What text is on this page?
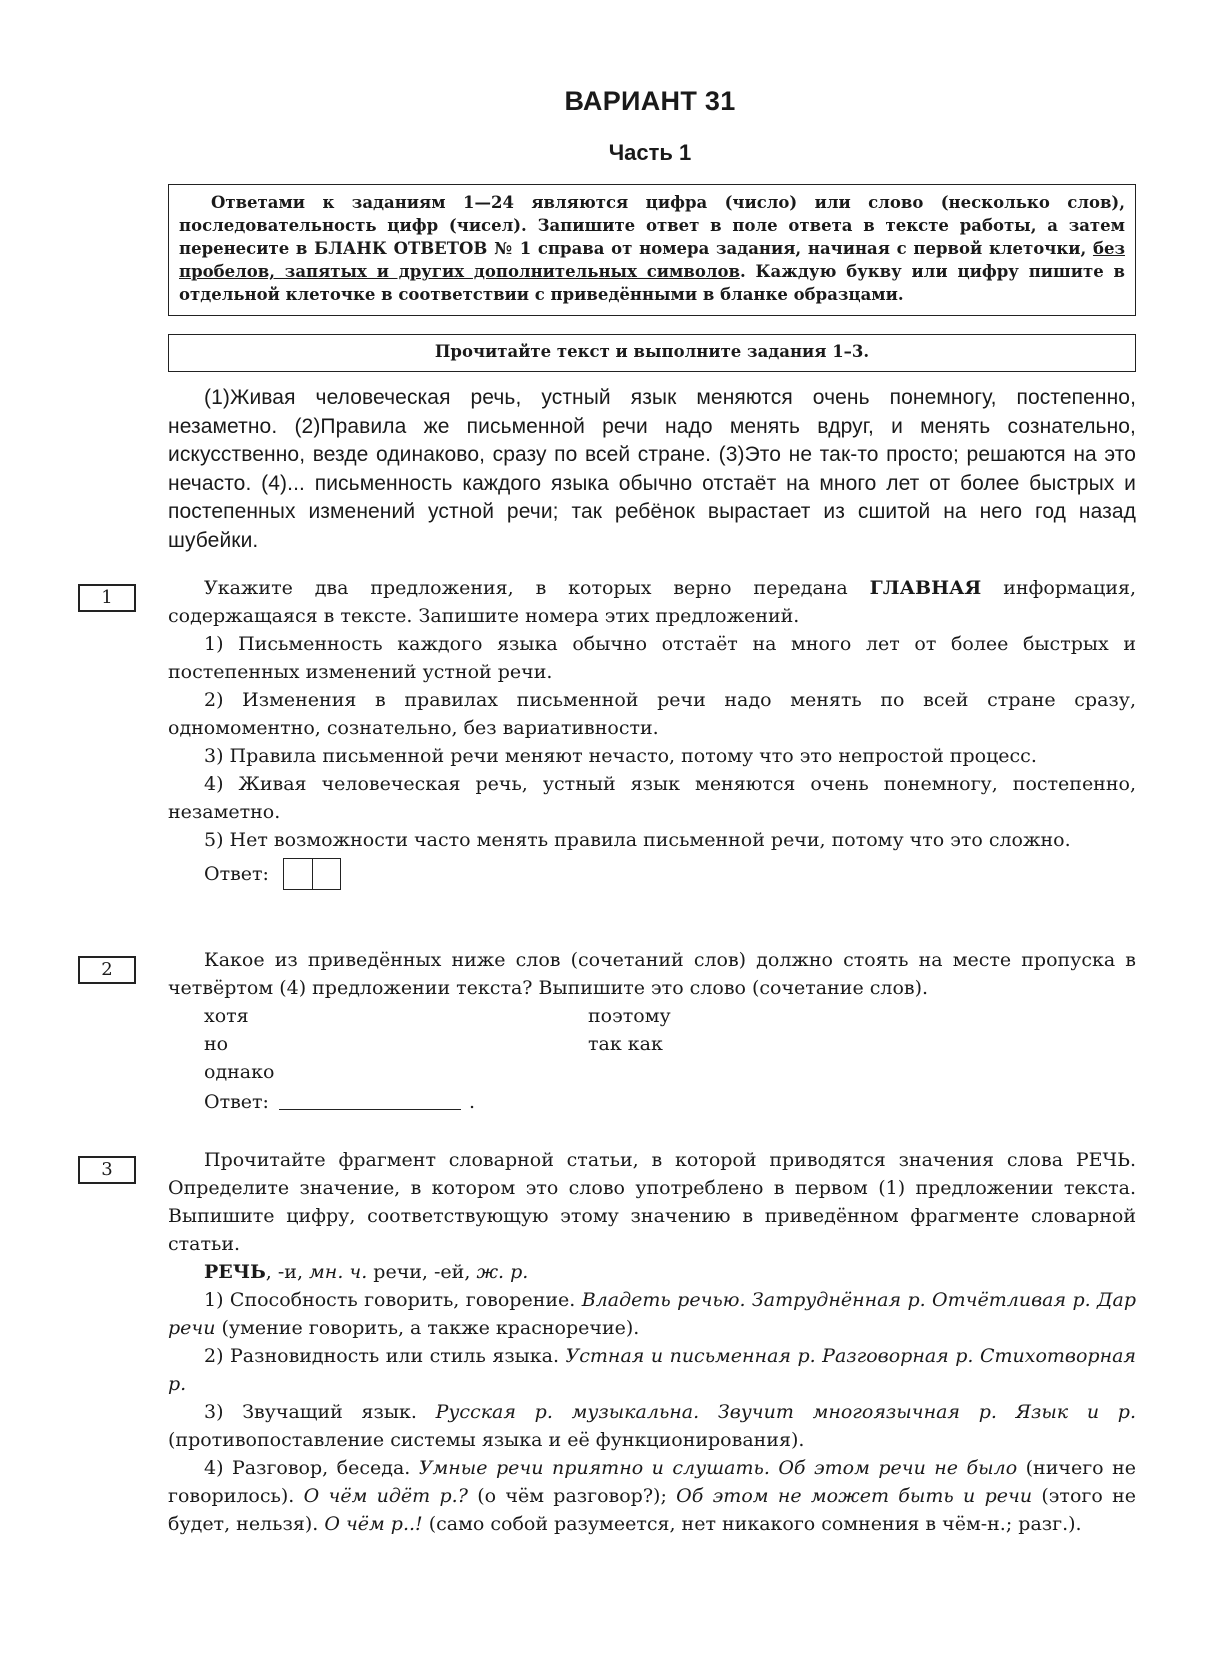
ВАРИАНТ 31
Часть 1
Ответами к заданиям 1—24 являются цифра (число) или слово (несколько слов), последовательность цифр (чисел). Запишите ответ в поле ответа в тексте работы, а затем перенесите в БЛАНК ОТВЕТОВ № 1 справа от номера задания, начиная с первой клеточки, без пробелов, запятых и других дополнительных символов. Каждую букву или цифру пишите в отдельной клеточке в соответствии с приведёнными в бланке образцами.
Прочитайте текст и выполните задания 1–3.
(1)Живая человеческая речь, устный язык меняются очень понемногу, постепенно, незаметно. (2)Правила же письменной речи надо менять вдруг, и менять сознательно, искусственно, везде одинаково, сразу по всей стране. (3)Это не так-то просто; решаются на это нечасто. (4)... письменность каждого языка обычно отстаёт на много лет от более быстрых и постепенных изменений устной речи; так ребёнок вырастает из сшитой на него год назад шубейки.
1	Укажите два предложения, в которых верно передана ГЛАВНАЯ информация, содержащаяся в тексте. Запишите номера этих предложений.

1) Письменность каждого языка обычно отстаёт на много лет от более быстрых и постепенных изменений устной речи.

2) Изменения в правилах письменной речи надо менять по всей стране сразу, одномоментно, сознательно, без вариативности.

3) Правила письменной речи меняют нечасто, потому что это непростой процесс.

4) Живая человеческая речь, устный язык меняются очень понемногу, постепенно, незаметно.

5) Нет возможности часто менять правила письменной речи, потому что это сложно.

Ответ:
2	Какое из приведённых ниже слов (сочетаний слов) должно стоять на месте пропуска в четвёртом (4) предложении текста? Выпишите это слово (сочетание слов).

хотя	поэтому
но	так как
однако
Ответ:	.
3	Прочитайте фрагмент словарной статьи, в которой приводятся значения слова РЕЧЬ. Определите значение, в котором это слово употреблено в первом (1) предложении текста. Выпишите цифру, соответствующую этому значению в приведённом фрагменте словарной статьи.

РЕЧЬ, -и, мн. ч. речи, -ей, ж. р.

1) Способность говорить, говорение. Владеть речью. Затруднённая р. Отчётливая р. Дар речи (умение говорить, а также красноречие).

2) Разновидность или стиль языка. Устная и письменная р. Разговорная р. Стихотворная р.

3) Звучащий язык. Русская р. музыкальна. Звучит многоязычная р. Язык и р. (противопоставление системы языка и её функционирования).

4) Разговор, беседа. Умные речи приятно и слушать. Об этом речи не было (ничего не говорилось). О чём идёт р.? (о чём разговор?); Об этом не может быть и речи (этого не будет, нельзя). О чём р..! (само собой разумеется, нет никакого сомнения в чём-н.; разг.).
